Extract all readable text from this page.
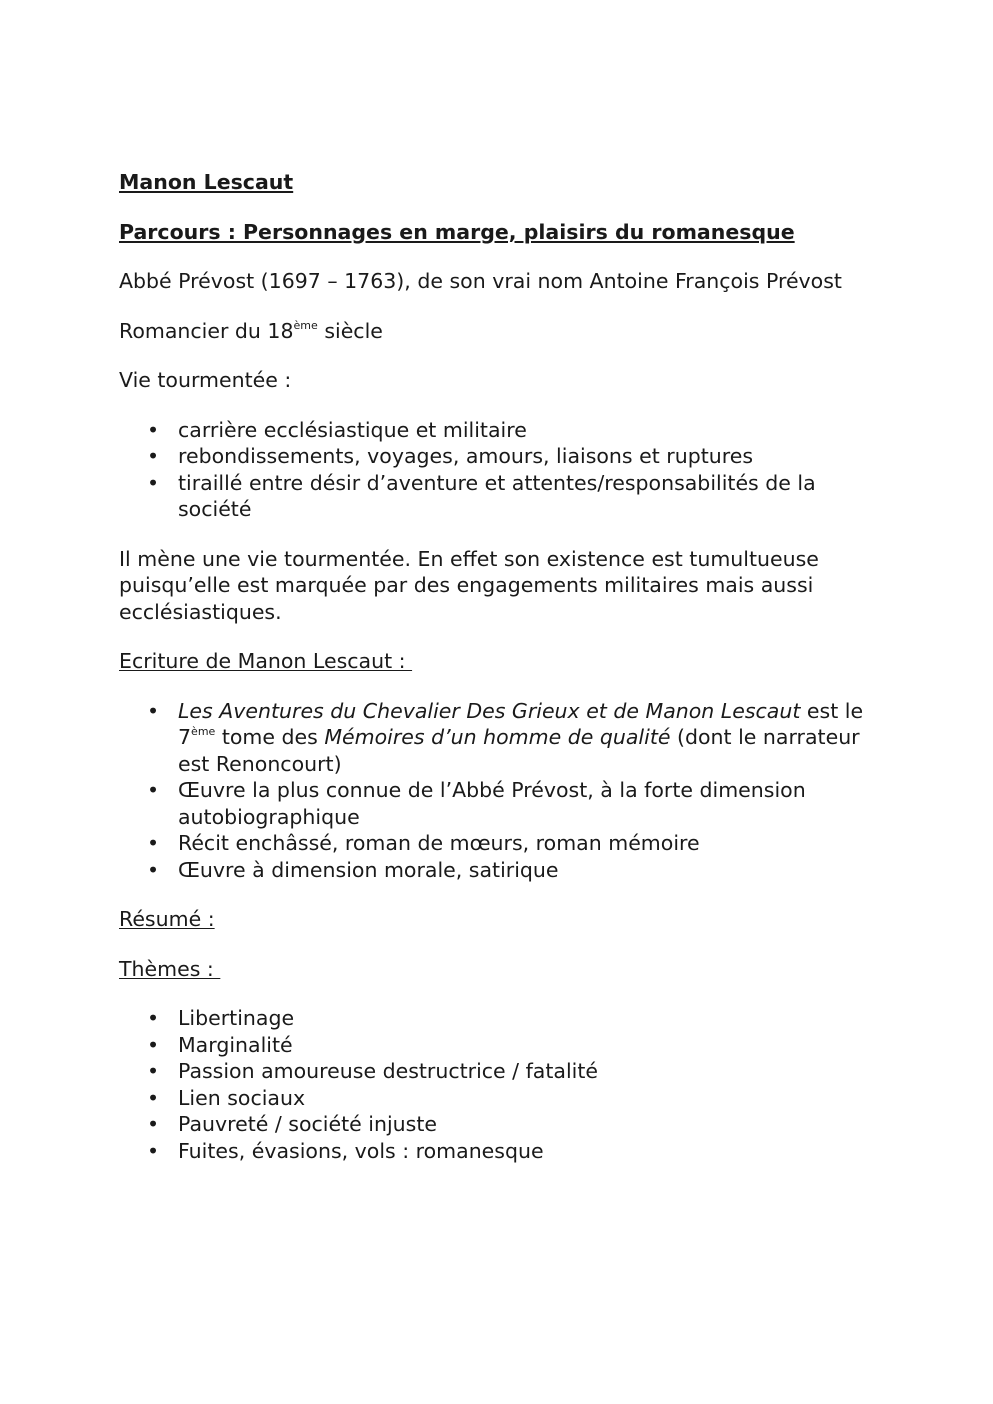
Manon Lescaut

Parcours : Personnages en marge, plaisirs du romanesque

Abbé Prévost (1697 – 1763), de son vrai nom Antoine François Prévost

Romancier du 18ème siècle

Vie tourmentée :

• carrière ecclésiastique et militaire
• rebondissements, voyages, amours, liaisons et ruptures
• tiraillé entre désir d’aventure et attentes/responsabilités de la société

Il mène une vie tourmentée. En effet son existence est tumultueuse puisqu’elle est marquée par des engagements militaires mais aussi ecclésiastiques.

Ecriture de Manon Lescaut :

• Les Aventures du Chevalier Des Grieux et de Manon Lescaut est le 7ème tome des Mémoires d’un homme de qualité (dont le narrateur est Renoncourt)
• Œuvre la plus connue de l’Abbé Prévost, à la forte dimension autobiographique
• Récit enchâssé, roman de mœurs, roman mémoire
• Œuvre à dimension morale, satirique

Résumé :

Thèmes :

• Libertinage
• Marginalité
• Passion amoureuse destructrice / fatalité
• Lien sociaux
• Pauvreté / société injuste
• Fuites, évasions, vols : romanesque
